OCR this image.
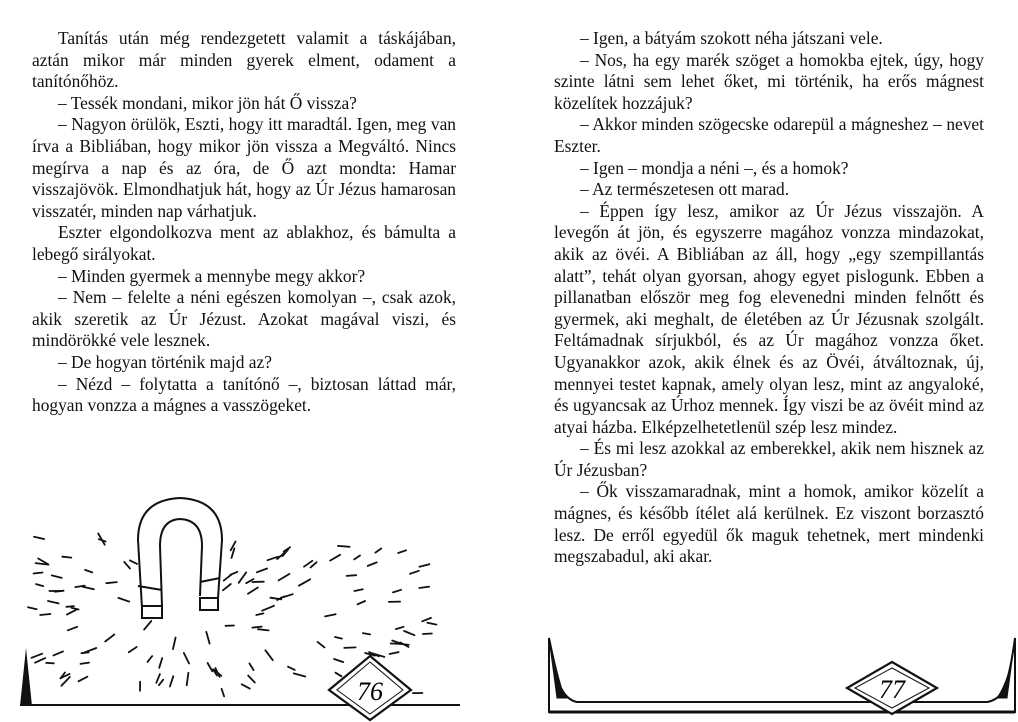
Tanítás után még rendezgetett valamit a táskájában, aztán mikor már minden gyerek elment, odament a tanítónőhöz.

– Tessék mondani, mikor jön hát Ő vissza?

– Nagyon örülök, Eszti, hogy itt maradtál. Igen, meg van írva a Bibliában, hogy mikor jön vissza a Megváltó. Nincs megírva a nap és az óra, de Ő azt mondta: Hamar visszajövök. Elmondhatjuk hát, hogy az Úr Jézus hamarosan visszatér, minden nap várhatjuk.

Eszter elgondolkozva ment az ablakhoz, és bámulta a lebegő sirályokat.

– Minden gyermek a mennybe megy akkor?

– Nem – felelte a néni egészen komolyan –, csak azok, akik szeretik az Úr Jézust. Azokat magával viszi, és mindörökké vele lesznek.

– De hogyan történik majd az?

– Nézd – folytatta a tanítónő –, biztosan láttad már, hogyan vonzza a mágnes a vasszögeket.

76

– Igen, a bátyám szokott néha játszani vele.

– Nos, ha egy marék szöget a homokba ejtek, úgy, hogy szinte látni sem lehet őket, mi történik, ha erős mágnest közelítek hozzájuk?

– Akkor minden szögecske odarepül a mágneshez – nevet Eszter.

– Igen – mondja a néni –, és a homok?

– Az természetesen ott marad.

– Éppen így lesz, amikor az Úr Jézus visszajön. A levegőn át jön, és egyszerre magához vonzza mindazokat, akik az övéi. A Bibliában az áll, hogy „egy szempillantás alatt”, tehát olyan gyorsan, ahogy egyet pislogunk. Ebben a pillanatban először meg fog elevenedni minden felnőtt és gyermek, aki meghalt, de életében az Úr Jézusnak szolgált. Feltámadnak sírjukból, és az Úr magához vonzza őket. Ugyanakkor azok, akik élnek és az Övéi, átváltoznak, új, mennyei testet kapnak, amely olyan lesz, mint az angyaloké, és ugyancsak az Úrhoz mennek. Így viszi be az övéit mind az atyai házba. Elképzelhetetlenül szép lesz mindez.

– És mi lesz azokkal az emberekkel, akik nem hisznek az Úr Jézusban?

– Ők visszamaradnak, mint a homok, amikor közelít a mágnes, és később ítélet alá kerülnek. Ez viszont borzasztó lesz. De erről egyedül ők maguk tehetnek, mert mindenki megszabadul, aki akar.

77
